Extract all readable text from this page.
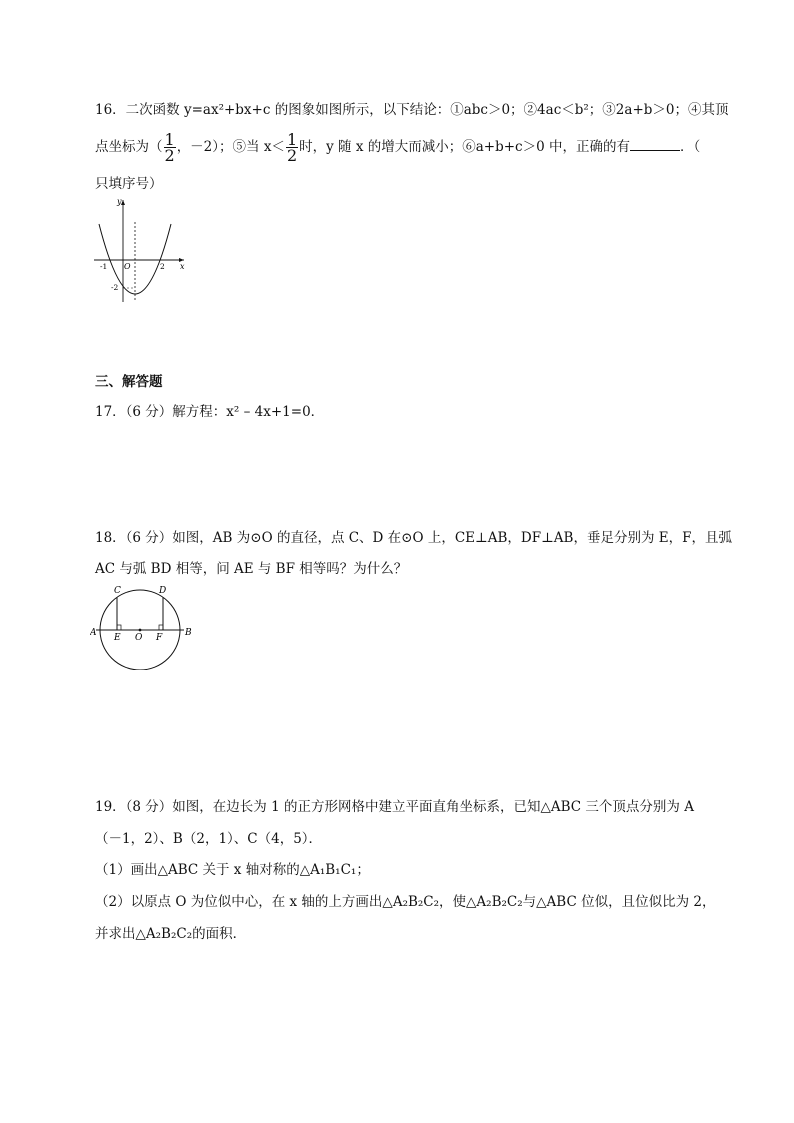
16．二次函数 y=ax²+bx+c 的图象如图所示，以下结论：①abc＞0；②4ac＜b²；③2a+b＞0；④其顶
点坐标为（ $\frac{1}{2}$ ，－2）；⑤当 $x< \frac{1}{2}$ 时，y 随 x 的增大而减小；⑥a+b+c＞0 中，正确的有	．（
只填序号）
y
x
O
-1	2
-2
三、解答题
17．（6 分）解方程：x² – 4x+1=0．
18．（6 分）如图，AB 为⊙O 的直径，点 C、D 在⊙O 上，CE⊥AB，DF⊥AB，垂足分别为 E，F，且弧
AC 与弧 BD 相等，问 AE 与 BF 相等吗？为什么？
A	B
C	D
E	F
O
19．（8 分）如图，在边长为 1 的正方形网格中建立平面直角坐标系，已知△ABC 三个顶点分别为 A
（－1，2）、B（2，1）、C（4，5）．
（1）画出△ABC 关于 x 轴对称的△A₁B₁C₁；
（2）以原点 O 为位似中心，在 x 轴的上方画出△A₂B₂C₂，使△A₂B₂C₂与△ABC 位似，且位似比为 2，
并求出△A₂B₂C₂的面积．
